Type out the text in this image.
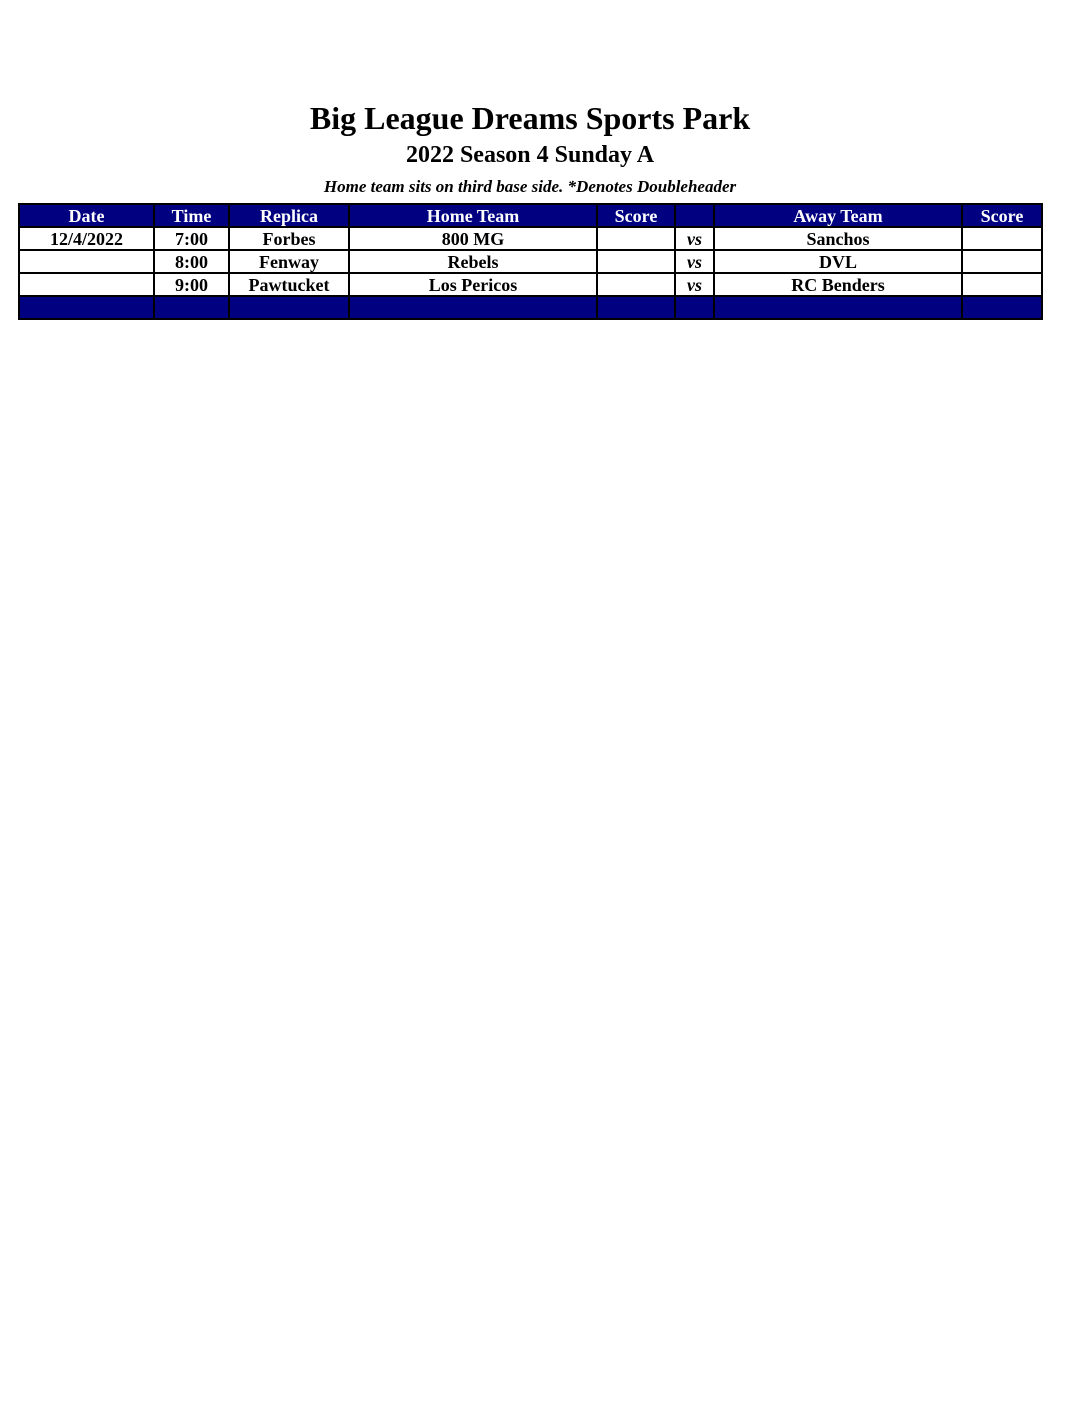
Big League Dreams Sports Park
2022 Season 4 Sunday A
Home team sits on third base side. *Denotes Doubleheader
Date	Time	Replica	Home Team	Score		Away Team	Score
12/4/2022	7:00	Forbes	800 MG		vs	Sanchos	
	8:00	Fenway	Rebels		vs	DVL	
	9:00	Pawtucket	Los Pericos		vs	RC Benders	
